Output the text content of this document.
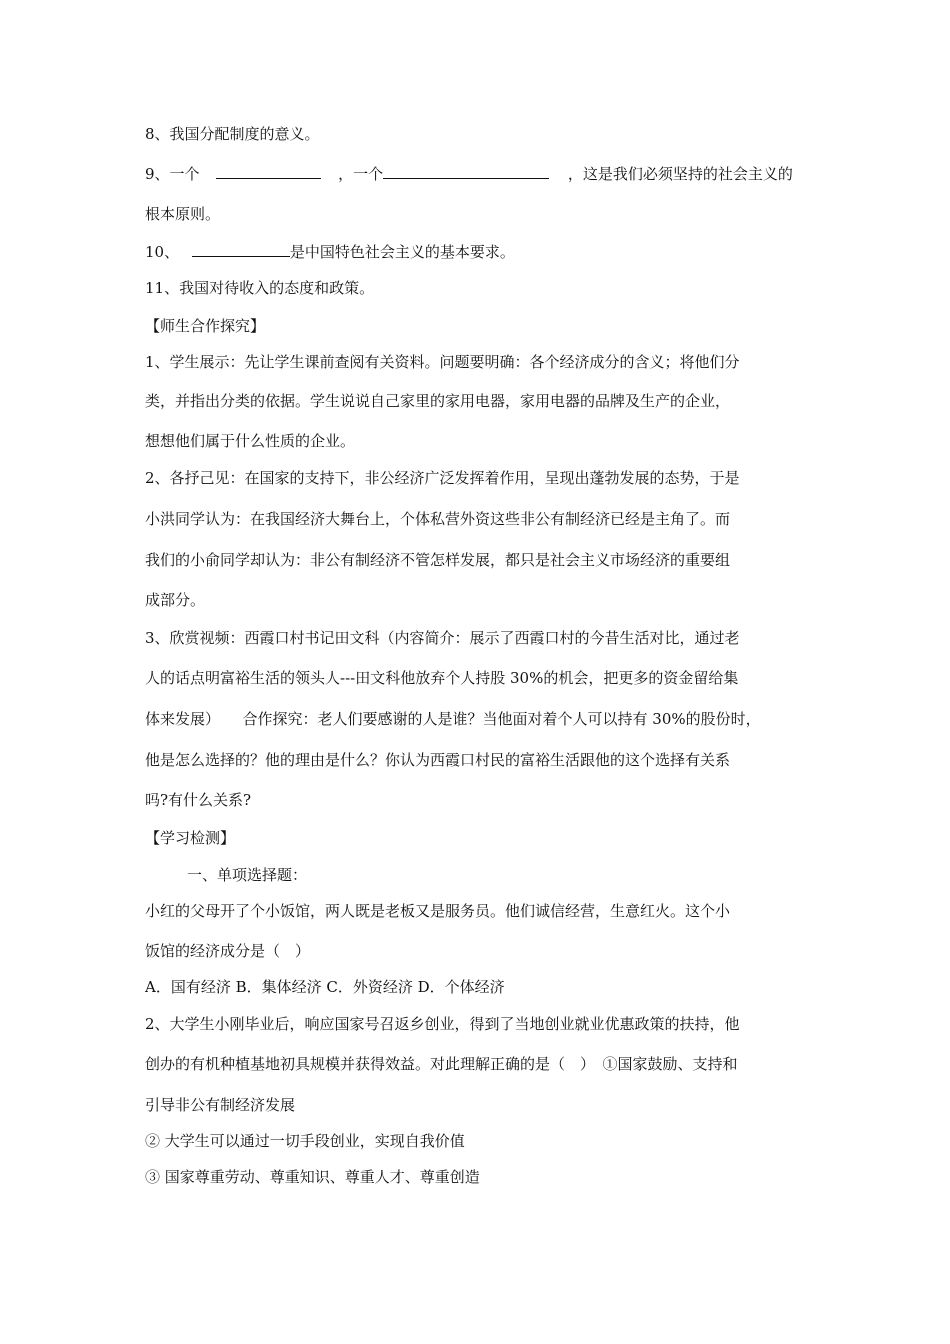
8、我国分配制度的意义。
9、一个	，一个	，这是我们必须坚持的社会主义的
根本原则。
10、	是中国特色社会主义的基本要求。
11、我国对待收入的态度和政策。
【师生合作探究】
1、学生展示：先让学生课前查阅有关资料。问题要明确：各个经济成分的含义；将他们分
类，并指出分类的依据。学生说说自己家里的家用电器，家用电器的品牌及生产的企业，
想想他们属于什么性质的企业。
2、各抒己见：在国家的支持下，非公经济广泛发挥着作用，呈现出蓬勃发展的态势，于是
小洪同学认为：在我国经济大舞台上，个体私营外资这些非公有制经济已经是主角了。而
我们的小俞同学却认为：非公有制经济不管怎样发展，都只是社会主义市场经济的重要组
成部分。
3、欣赏视频：西霞口村书记田文科（内容简介：展示了西霞口村的今昔生活对比，通过老
人的话点明富裕生活的领头人---田文科他放弃个人持股 30%的机会，把更多的资金留给集
体来发展）　　合作探究：老人们要感谢的人是谁？当他面对着个人可以持有 30%的股份时，
他是怎么选择的？他的理由是什么？你认为西霞口村民的富裕生活跟他的这个选择有关系
吗?有什么关系?
【学习检测】
一、单项选择题：
小红的父母开了个小饭馆，两人既是老板又是服务员。他们诚信经营，生意红火。这个小
饭馆的经济成分是（　）
A．国有经济 B．集体经济 C．外资经济 D．个体经济
2、大学生小刚毕业后，响应国家号召返乡创业，得到了当地创业就业优惠政策的扶持，他
创办的有机种植基地初具规模并获得效益。对此理解正确的是（　）　①国家鼓励、支持和
引导非公有制经济发展
② 大学生可以通过一切手段创业，实现自我价值
③ 国家尊重劳动、尊重知识、尊重人才、尊重创造
